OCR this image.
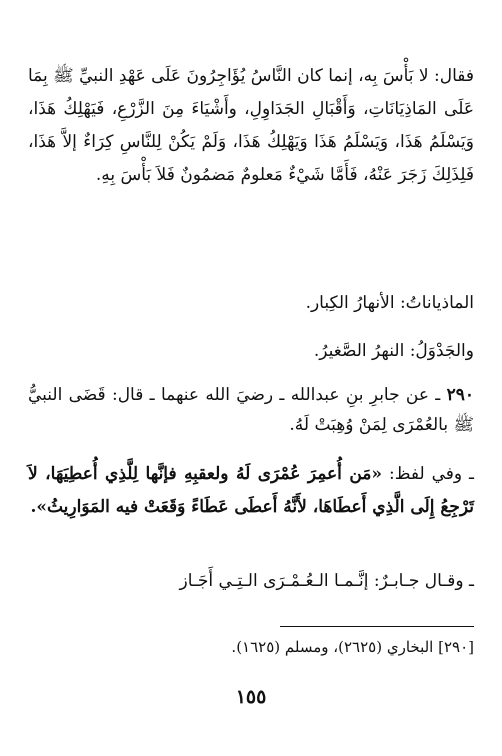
فقال: لا بَأْسَ بِه، إنما كان النَّاسُ يُؤَاجِرُونَ عَلَى عَهْدِ النبيِّ ﷺ بِمَا عَلَى المَاذِيَانَاتِ، وَأَقْبَالِ الجَدَاوِلِ، وأَشْيَاءَ مِنَ الزَّرْعِ، فَيَهْلِكُ هَذَا، وَيَسْلَمُ هَذَا، وَيَسْلَمُ هَذَا وَيَهْلِكُ هَذَا، وَلَمْ يَكُنْ لِلنَّاسِ كِرَاءٌ إلاَّ هَذَا، فَلِذَلِكَ زَجَرَ عَنْهُ، فَأَمَّا شَيْءٌ مَعلومٌ مَضمُونٌ فَلاَ بَأْسَ بِهِ.
الماذياناتُ: الأنهارُ الكِبار.
والجَدْوَلُ: النهرُ الصَّغيرُ.
٢٩٠ ـ عن جابرِ بنِ عبدالله ـ رضيَ الله عنهما ـ قال: قَضَى النبيُّ ﷺ بالعُمْرَى لِمَنْ وُهِبَتْ لَهُ.
ـ وفي لفظ: «مَن أُعمِرَ عُمْرَى لَهُ ولعقبِهِ فإنَّها لِلَّذِي أُعطِيَهَا، لاَ تَرْجِعُ إِلَى الَّذِي أَعطَاهَا، لأَنَّهُ أَعطَى عَطَاءً وَقَعَتْ فيه المَوَارِيثُ».
ـ وقـال جـابـرٌ: إنَّـمـا الـعُـمْـرَى الـتِـي أَجَـاز
[٢٩٠] البخاري (٢٦٢٥)، ومسلم (١٦٢٥).
١٥٥
